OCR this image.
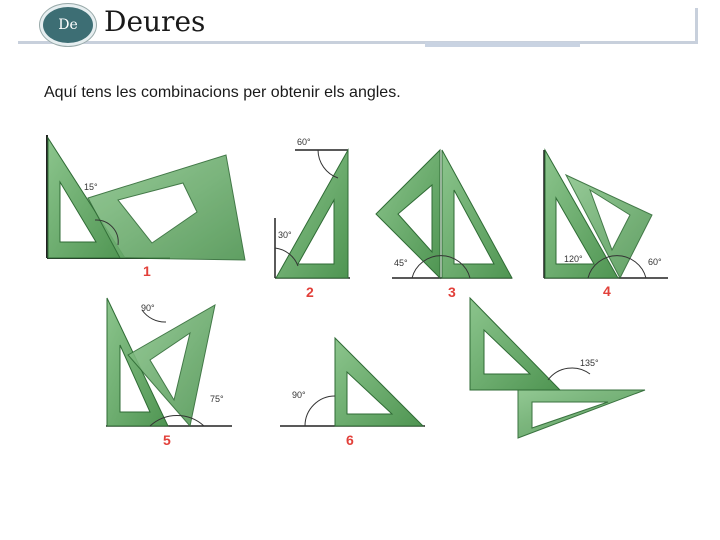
De Deures
Aquí tens les combinacions per obtenir els angles.
15°
1
60°
30°
2
45°
3
120°	60°
4
90°
75°
5
90°
6
135°
